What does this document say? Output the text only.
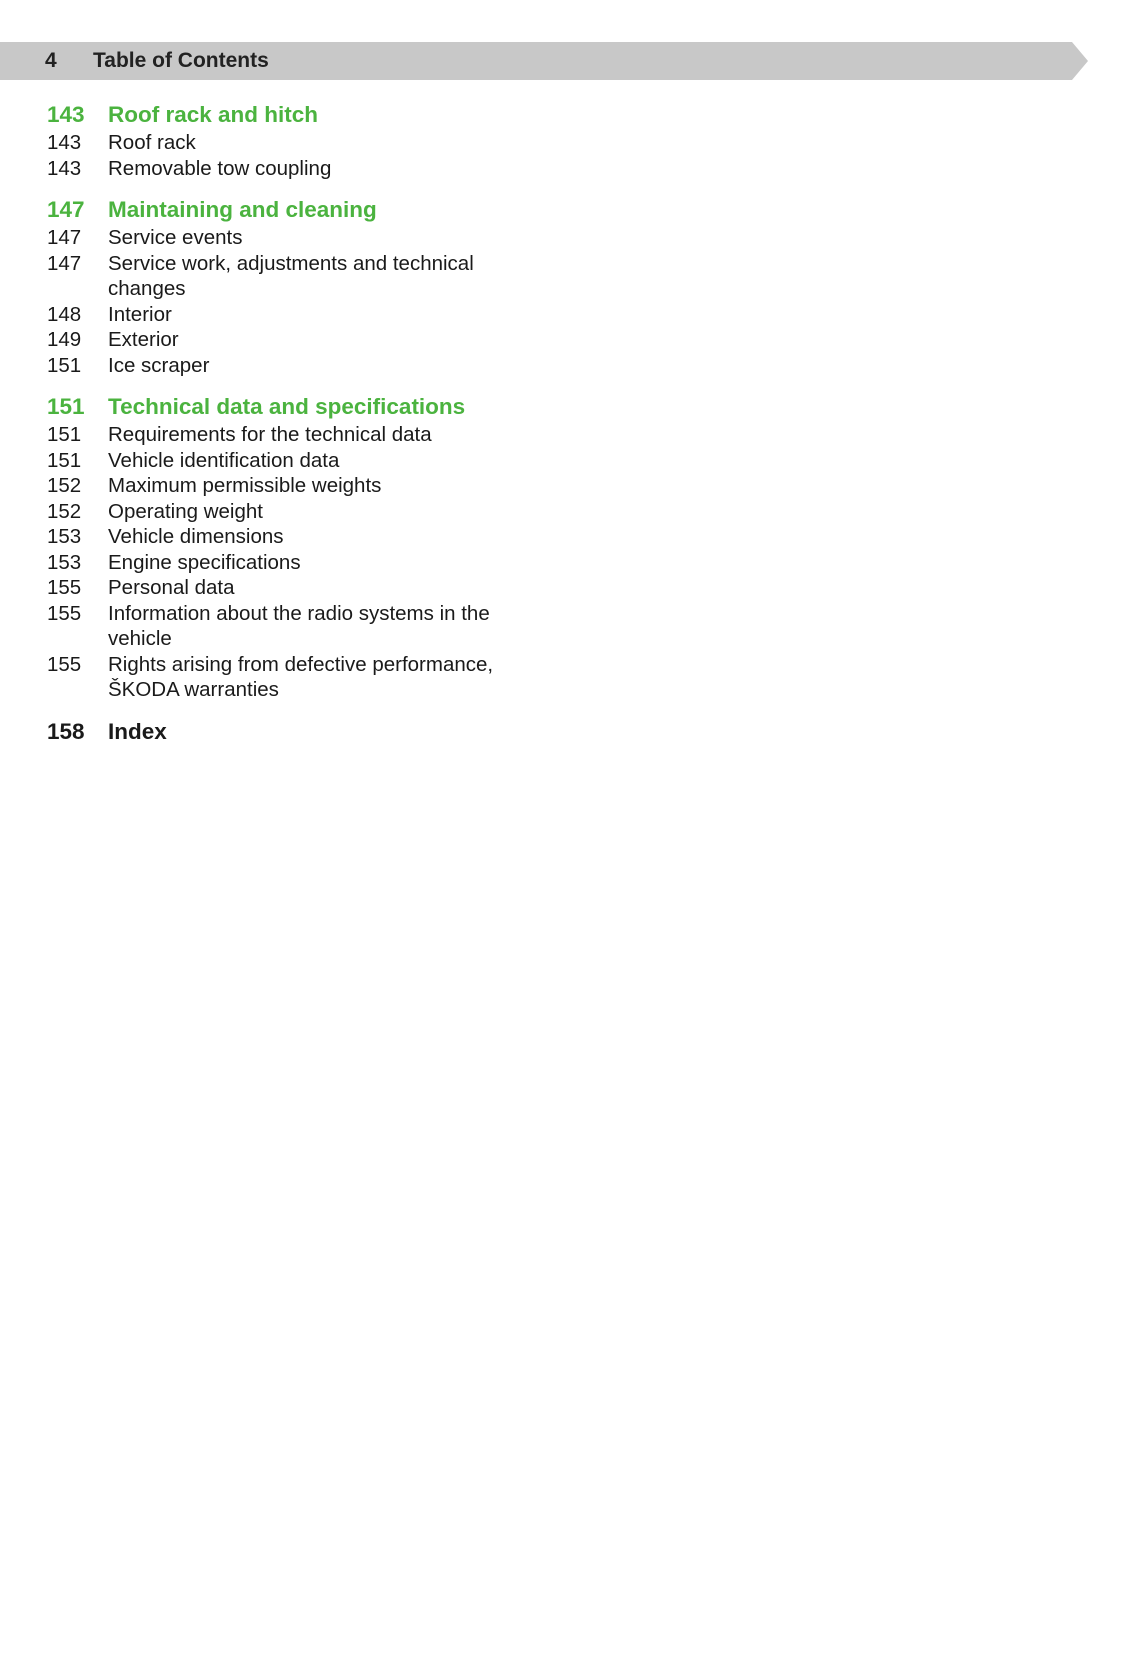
4 Table of Contents
143	Roof rack and hitch
143	Roof rack
143	Removable tow coupling
147	Maintaining and cleaning
147	Service events
147	Service work, adjustments and technical changes
148	Interior
149	Exterior
151	Ice scraper
151	Technical data and specifications
151	Requirements for the technical data
151	Vehicle identification data
152	Maximum permissible weights
152	Operating weight
153	Vehicle dimensions
153	Engine specifications
155	Personal data
155	Information about the radio systems in the vehicle
155	Rights arising from defective performance, ŠKODA warranties
158	Index
